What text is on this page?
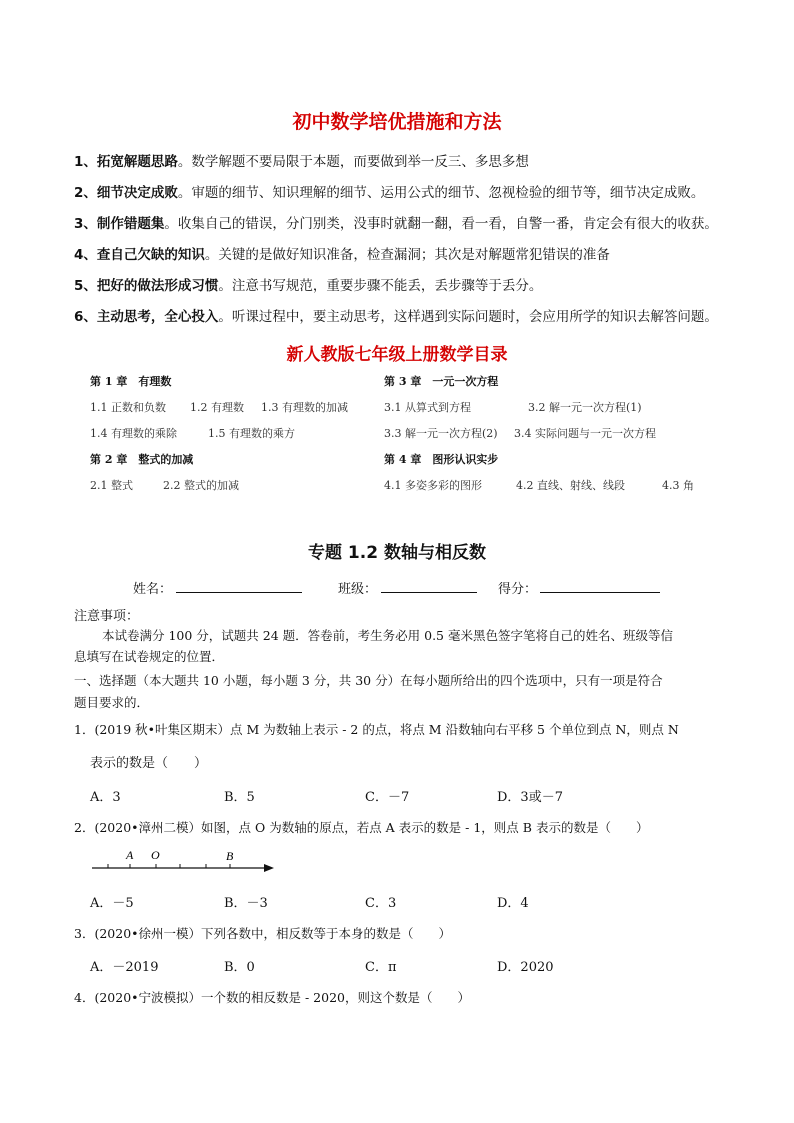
初中数学培优措施和方法
1、拓宽解题思路。数学解题不要局限于本题，而要做到举一反三、多思多想
2、细节决定成败。审题的细节、知识理解的细节、运用公式的细节、忽视检验的细节等，细节决定成败。
3、制作错题集。收集自己的错误，分门别类，没事时就翻一翻，看一看，自警一番，肯定会有很大的收获。
4、查自己欠缺的知识。关键的是做好知识准备，检查漏洞；其次是对解题常犯错误的准备
5、把好的做法形成习惯。注意书写规范，重要步骤不能丢，丢步骤等于丢分。
6、主动思考，全心投入。听课过程中，要主动思考，这样遇到实际问题时，会应用所学的知识去解答问题。
新人教版七年级上册数学目录
第 1 章　有理数
1.1 正数和负数 1.2 有理数 1.3 有理数的加减
1.4 有理数的乘除	1.5 有理数的乘方
第 2 章　整式的加减
2.1 整式	2.2 整式的加减
第 3 章　一元一次方程
3.1 从算式到方程	3.2 解一元一次方程(1)
3.3 解一元一次方程(2) 3.4 实际问题与一元一次方程
第 4 章　图形认识实步
4.1 多姿多彩的图形	4.2 直线、射线、线段	4.3 角
专题 1.2 数轴与相反数
姓名：	班级：	得分：
注意事项：
本试卷满分 100 分，试题共 24 题．答卷前，考生务必用 0.5 毫米黑色签字笔将自己的姓名、班级等信
息填写在试卷规定的位置．
一、选择题（本大题共 10 小题，每小题 3 分，共 30 分）在每小题所给出的四个选项中，只有一项是符合
题目要求的．
1．(2019 秋•叶集区期末）点 M 为数轴上表示 - 2 的点，将点 M 沿数轴向右平移 5 个单位到点 N，则点 N
表示的数是（　　）
A．3	B．5	C．－7	D．3或－7
2．(2020•漳州二模）如图，点 O 为数轴的原点，若点 A 表示的数是 - 1，则点 B 表示的数是（　　）
A O	B
A．－5	B．－3	C．3	D．4
3．(2020•徐州一模）下列各数中，相反数等于本身的数是（　　）
A．－2019	B．0	C．π	D．2020
4．(2020•宁波模拟）一个数的相反数是 - 2020，则这个数是（　　）
